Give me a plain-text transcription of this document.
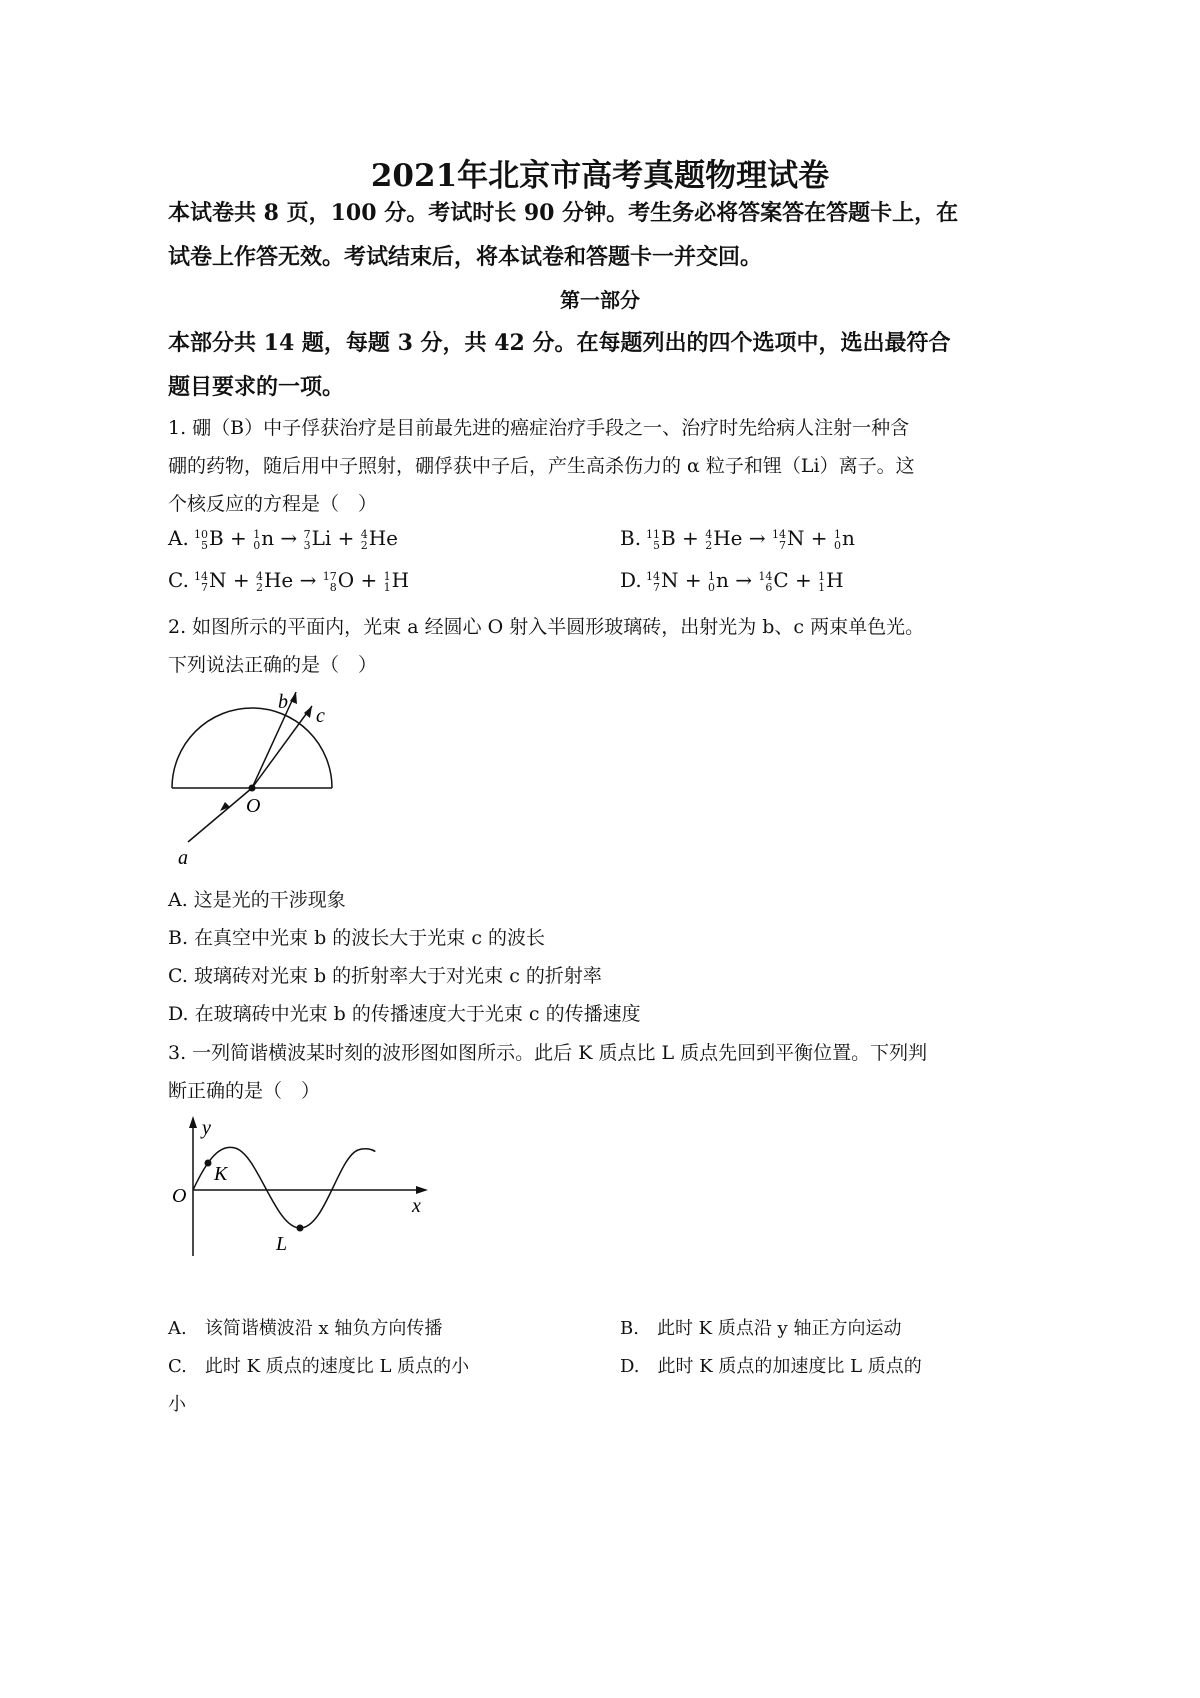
2021年北京市高考真题物理试卷
本试卷共 8 页，100 分。考试时长 90 分钟。考生务必将答案答在答题卡上，在
试卷上作答无效。考试结束后，将本试卷和答题卡一并交回。
第一部分
本部分共 14 题，每题 3 分，共 42 分。在每题列出的四个选项中，选出最符合
题目要求的一项。
1. 硼（B）中子俘获治疗是目前最先进的癌症治疗手段之一、治疗时先给病人注射一种含
硼的药物，随后用中子照射，硼俘获中子后，产生高杀伤力的 α 粒子和锂（Li）离子。这
个核反应的方程是（　）
A. 10
5 B + 1
0 n → 7
3 Li + 4
2 He	B. 11
5 B + 4
2 He → 14
7 N + 1
0 n
C. 14
7 N + 4
2 He → 17
8 O + 1
1 H	D. 14
7 N + 1
0 n → 14
6 C + 1
1 H
2. 如图所示的平面内，光束 a 经圆心 O 射入半圆形玻璃砖，出射光为 b、c 两束单色光。
下列说法正确的是（　）
b
c
O
a
A. 这是光的干涉现象
B. 在真空中光束 b 的波长大于光束 c 的波长
C. 玻璃砖对光束 b 的折射率大于对光束 c 的折射率
D. 在玻璃砖中光束 b 的传播速度大于光束 c 的传播速度
3. 一列简谐横波某时刻的波形图如图所示。此后 K 质点比 L 质点先回到平衡位置。下列判
断正确的是（　）
y
x
O
K
L
A.　该简谐横波沿 x 轴负方向传播	B.　此时 K 质点沿 y 轴正方向运动
C.　此时 K 质点的速度比 L 质点的小	D.　此时 K 质点的加速度比 L 质点的
小
